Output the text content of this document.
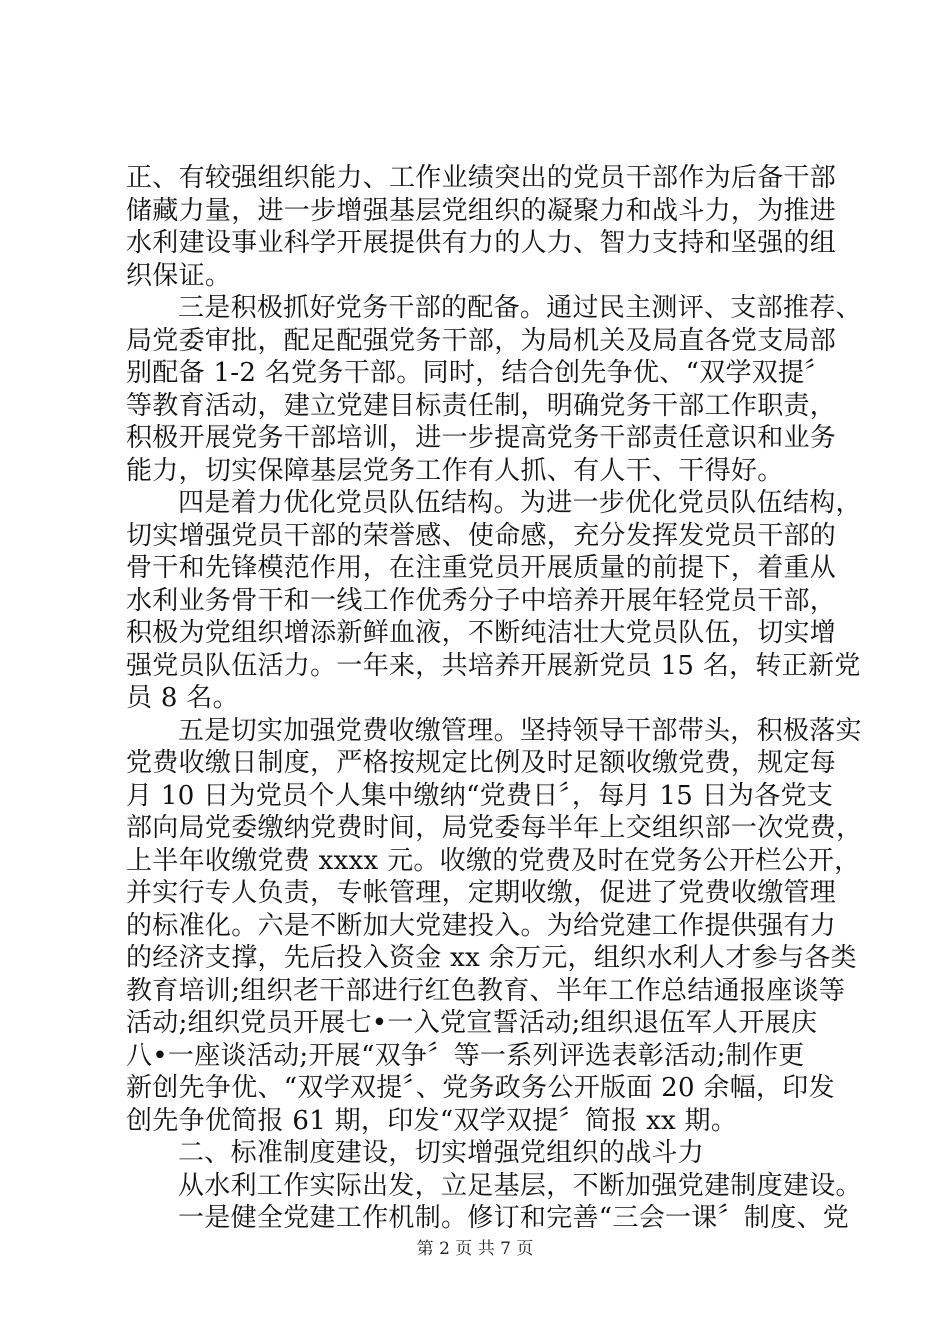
正、有较强组织能力、工作业绩突出的党员干部作为后备干部
储藏力量，进一步增强基层党组织的凝聚力和战斗力，为推进
水利建设事业科学开展提供有力的人力、智力支持和坚强的组
织保证。
三是积极抓好党务干部的配备。通过民主测评、支部推荐、
局党委审批，配足配强党务干部，为局机关及局直各党支局部
别配备 1-2 名党务干部。同时，结合创先争优、“双学双提〞
等教育活动，建立党建目标责任制，明确党务干部工作职责，
积极开展党务干部培训，进一步提高党务干部责任意识和业务
能力，切实保障基层党务工作有人抓、有人干、干得好。
四是着力优化党员队伍结构。为进一步优化党员队伍结构，
切实增强党员干部的荣誉感、使命感，充分发挥发党员干部的
骨干和先锋模范作用，在注重党员开展质量的前提下，着重从
水利业务骨干和一线工作优秀分子中培养开展年轻党员干部，
积极为党组织增添新鲜血液，不断纯洁壮大党员队伍，切实增
强党员队伍活力。一年来，共培养开展新党员 15 名，转正新党
员 8 名。
五是切实加强党费收缴管理。坚持领导干部带头，积极落实
党费收缴日制度，严格按规定比例及时足额收缴党费，规定每
月 10 日为党员个人集中缴纳“党费日〞，每月 15 日为各党支
部向局党委缴纳党费时间，局党委每半年上交组织部一次党费，
上半年收缴党费 xxxx 元。收缴的党费及时在党务公开栏公开，
并实行专人负责，专帐管理，定期收缴，促进了党费收缴管理
的标准化。六是不断加大党建投入。为给党建工作提供强有力
的经济支撑，先后投入资金 xx 余万元，组织水利人才参与各类
教育培训;组织老干部进行红色教育、半年工作总结通报座谈等
活动;组织党员开展七•一入党宣誓活动;组织退伍军人开展庆
八•一座谈活动;开展“双争〞等一系列评选表彰活动;制作更
新创先争优、“双学双提〞、党务政务公开版面 20 余幅，印发
创先争优简报 61 期，印发“双学双提〞简报 xx 期。
二、标准制度建设，切实增强党组织的战斗力
从水利工作实际出发，立足基层，不断加强党建制度建设。
一是健全党建工作机制。修订和完善“三会一课〞制度、党
第 2 页 共 7 页
